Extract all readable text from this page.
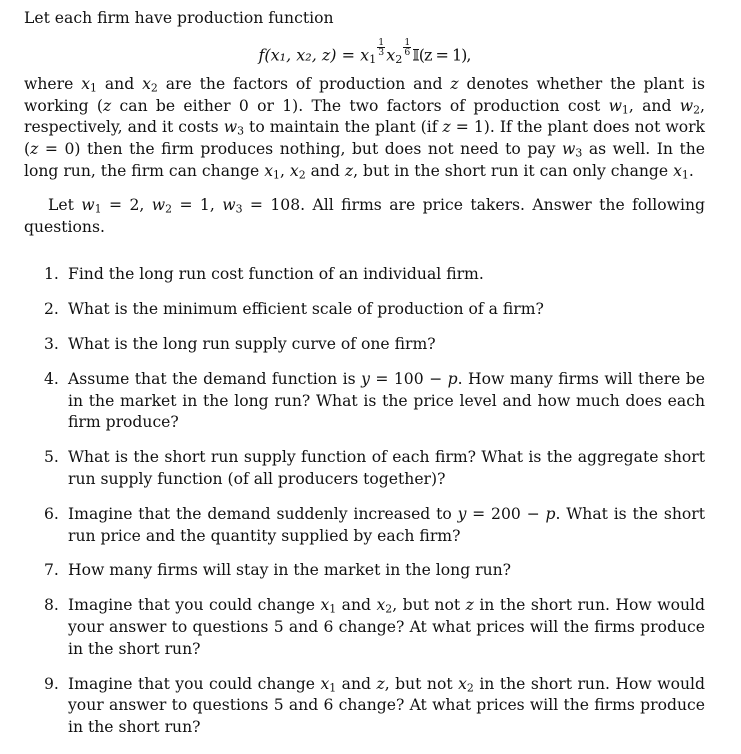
Let each firm have production function

f(x₁, x₂, $z) = x_1$
$\frac{1}{3} x_2$
$\frac{1}{6}$ 𝕀(z = 1),

where $x_1$ and $x_2$ are the factors of production and z denotes whether the plant is working (z can be either 0 or 1). The two factors of production cost $w_1$, and $w_2$, respectively, and it costs $w_3$ to maintain the plant (if z = 1). If the plant does not work (z = 0) then the firm produces nothing, but does not need to pay $w_3$ as well. In the long run, the firm can change $x_1$, $x_2$ and z, but in the short run it can only change $x_1$.

Let $w_1 = 2$, $w_2 = 1$, $w_3 = 108$. All firms are price takers. Answer the following questions.

1. Find the long run cost function of an individual firm.
2. What is the minimum efficient scale of production of a firm?
3. What is the long run supply curve of one firm?
4. Assume that the demand function is y = 100 − p. How many firms will there be in the market in the long run? What is the price level and how much does each firm produce?
5. What is the short run supply function of each firm? What is the aggregate short run supply function (of all producers together)?
6. Imagine that the demand suddenly increased to y = 200 − p. What is the short run price and the quantity supplied by each firm?
7. How many firms will stay in the market in the long run?
8. Imagine that you could change $x_1$ and $x_2$, but not z in the short run. How would your answer to questions 5 and 6 change? At what prices will the firms produce in the short run?
9. Imagine that you could change $x_1$ and z, but not $x_2$ in the short run. How would your answer to questions 5 and 6 change? At what prices will the firms produce in the short run?
